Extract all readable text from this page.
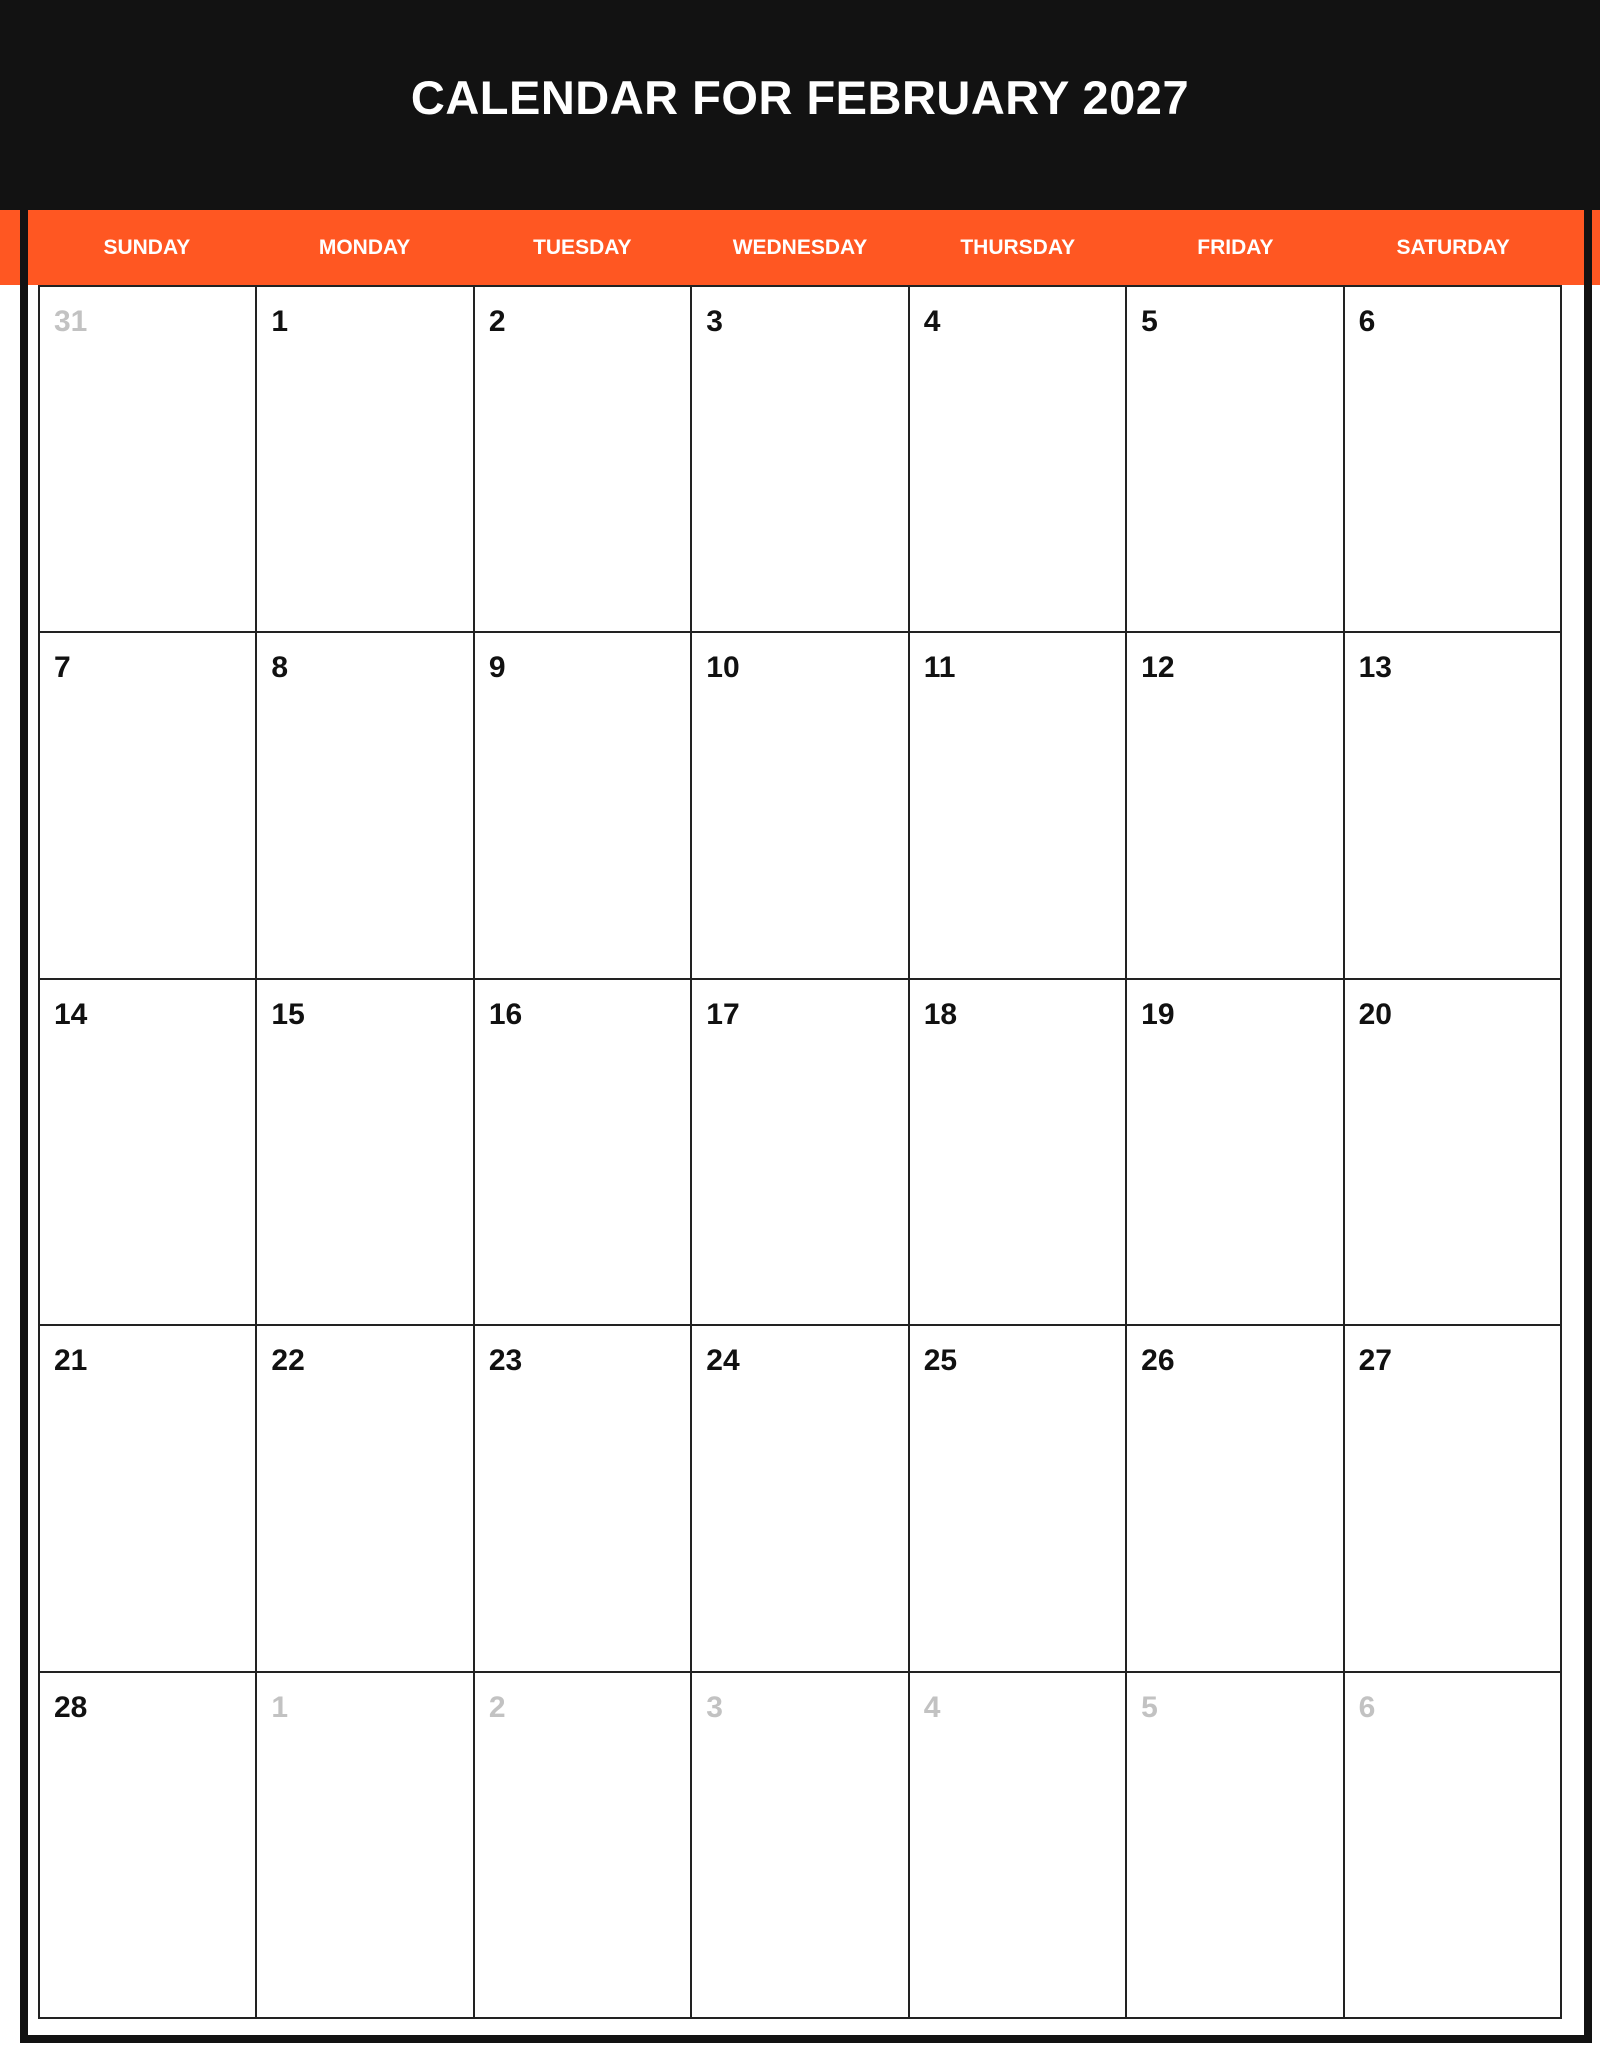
CALENDAR FOR FEBRUARY 2027
SUNDAY	MONDAY	TUESDAY	WEDNESDAY	THURSDAY	FRIDAY	SATURDAY
31	1	2	3	4	5	6
7	8	9	10	11	12	13
14	15	16	17	18	19	20
21	22	23	24	25	26	27
28	1	2	3	4	5	6
